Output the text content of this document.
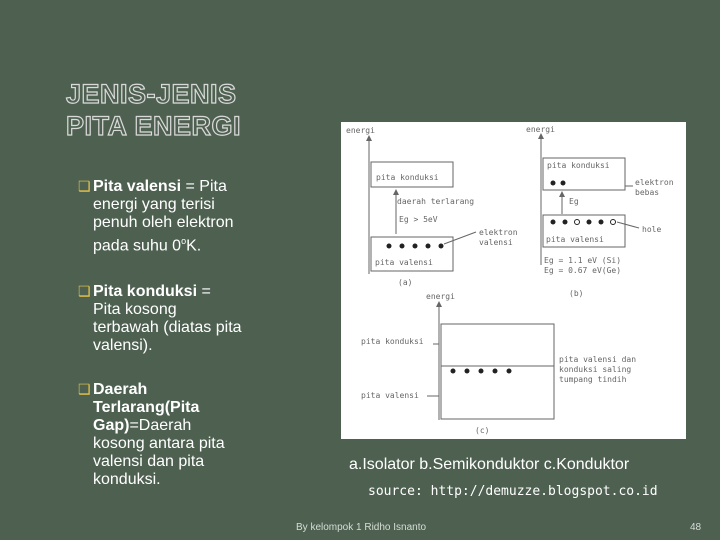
JENIS-JENIS
PITA ENERGI
❑
Pita valensi = Pita
energi yang terisi
penuh oleh elektron
pada suhu 0$^o$K.
❑
Pita konduksi =
Pita kosong
terbawah (diatas pita
valensi).
❑
Daerah
Terlarang(Pita
Gap)=Daerah
kosong antara pita
valensi dan pita
konduksi.
energi
pita konduksi
daerah terlarang
Eg > 5eV
pita valensi
elektron
valensi
(a)
energi
pita konduksi
elektron
bebas
Eg
hole
pita valensi
Eg = 1.1 eV (Si)
Eg = 0.67 eV(Ge)
(b)
energi
pita konduksi
pita valensi dan
konduksi saling
tumpang tindih
pita valensi
(c)
a.Isolator b.Semikonduktor c.Konduktor
source: http://demuzze.blogspot.co.id
By kelompok 1 Ridho Isnanto	48
